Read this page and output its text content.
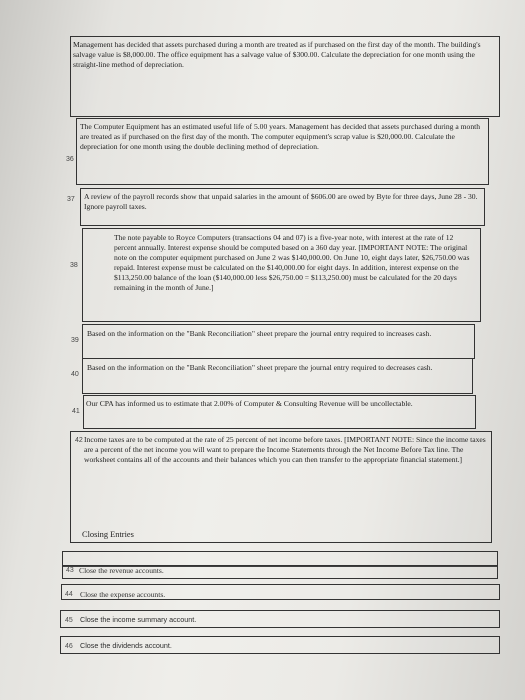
Management has decided that assets purchased during a month are treated as if purchased on the first day of the month. The building's salvage value is $8,000.00. The office equipment has a salvage value of $300.00. Calculate the depreciation for one month using the straight-line method of depreciation.
36
The Computer Equipment has an estimated useful life of 5.00 years. Management has decided that assets purchased during a month are treated as if purchased on the first day of the month. The computer equipment's scrap value is $20,000.00. Calculate the depreciation for one month using the double declining method of depreciation.
37 A review of the payroll records show that unpaid salaries in the amount of $606.00 are owed by Byte for three days, June 28 - 30. Ignore payroll taxes.
38
The note payable to Royce Computers (transactions 04 and 07) is a five-year note, with interest at the rate of 12 percent annually. Interest expense should be computed based on a 360 day year. [IMPORTANT NOTE: The original note on the computer equipment purchased on June 2 was $140,000.00. On June 10, eight days later, $26,750.00 was repaid. Interest expense must be calculated on the $140,000.00 for eight days. In addition, interest expense on the $113,250.00 balance of the loan ($140,000.00 less $26,750.00 = $113,250.00) must be calculated for the 20 days remaining in the month of June.]
39
Based on the information on the "Bank Reconciliation" sheet prepare the journal entry required to increases cash.
40
Based on the information on the "Bank Reconciliation" sheet prepare the journal entry required to decreases cash.
41
Our CPA has informed us to estimate that 2.00% of Computer & Consulting Revenue will be uncollectable.
42 Income taxes are to be computed at the rate of 25 percent of net income before taxes. [IMPORTANT NOTE: Since the income taxes are a percent of the net income you will want to prepare the Income Statements through the Net Income Before Tax line. The worksheet contains all of the accounts and their balances which you can then transfer to the appropriate financial statement.]
Closing Entries
43 Close the revenue accounts.
44 Close the expense accounts.
45 Close the income summary account.
46 Close the dividends account.
